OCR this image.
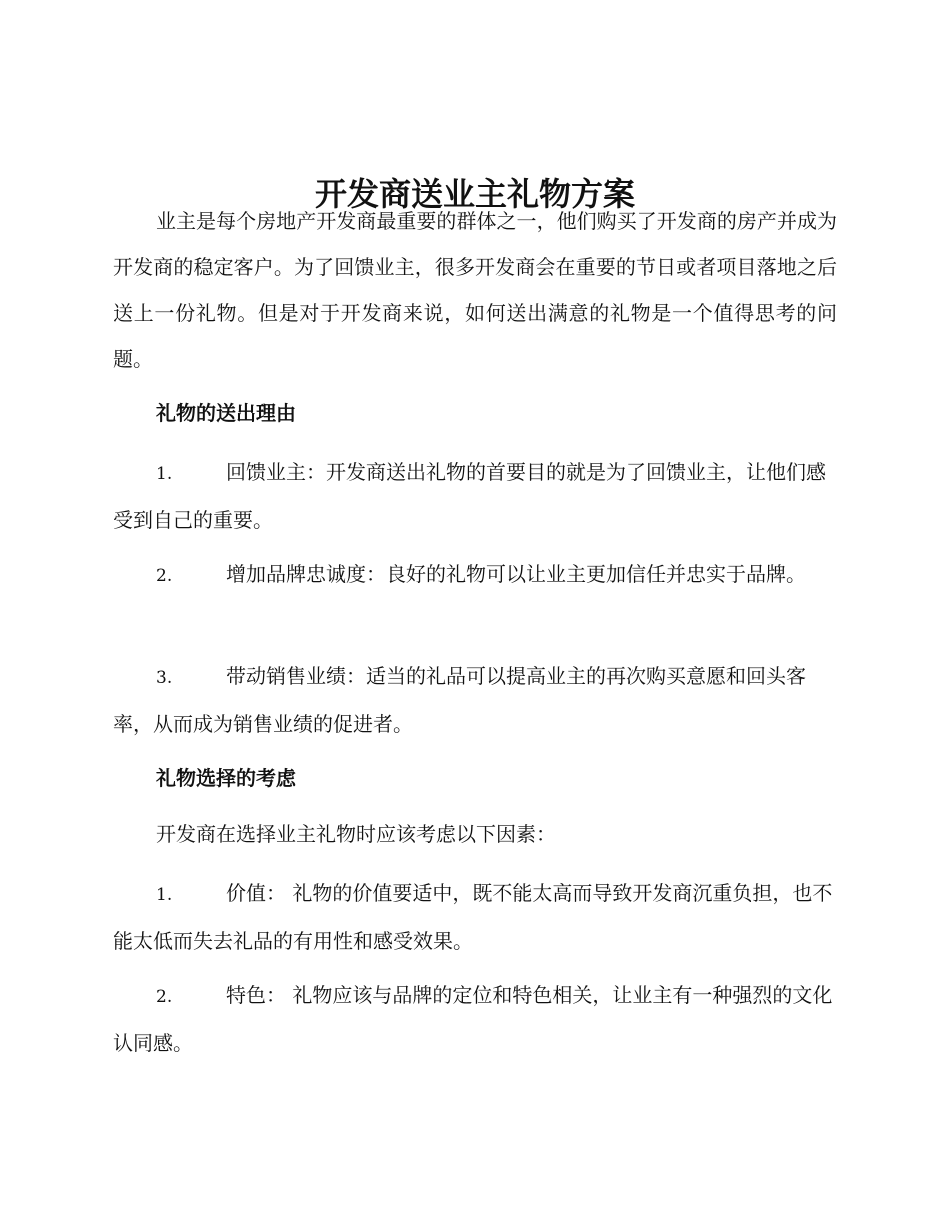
开发商送业主礼物方案

业主是每个房地产开发商最重要的群体之一，他们购买了开发商的房产并成为开发商的稳定客户。为了回馈业主，很多开发商会在重要的节日或者项目落地之后送上一份礼物。但是对于开发商来说，如何送出满意的礼物是一个值得思考的问题。

礼物的送出理由
1.	回馈业主：开发商送出礼物的首要目的就是为了回馈业主，让他们感受到自己的重要。
2.	增加品牌忠诚度：良好的礼物可以让业主更加信任并忠实于品牌。
3.	带动销售业绩：适当的礼品可以提高业主的再次购买意愿和回头客率，从而成为销售业绩的促进者。
礼物选择的考虑

开发商在选择业主礼物时应该考虑以下因素：

1.	价值： 礼物的价值要适中，既不能太高而导致开发商沉重负担，也不能太低而失去礼品的有用性和感受效果。
2.	特色： 礼物应该与品牌的定位和特色相关，让业主有一种强烈的文化认同感。
